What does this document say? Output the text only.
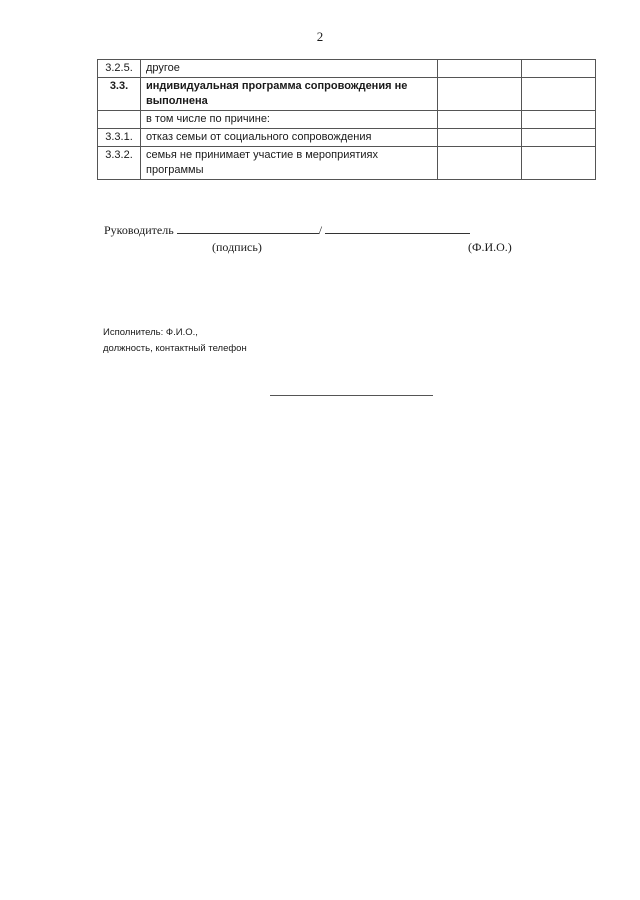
2
3.2.5.	другое		
3.3.	индивидуальная программа сопровождения не выполнена		
	в том числе по причине:		
3.3.1.	отказ семьи от социального сопровождения		
3.3.2.	семья не принимает участие в мероприятиях программы		
Руководитель	/
(подпись)	(Ф.И.О.)
Исполнитель: Ф.И.О.,
должность, контактный телефон
